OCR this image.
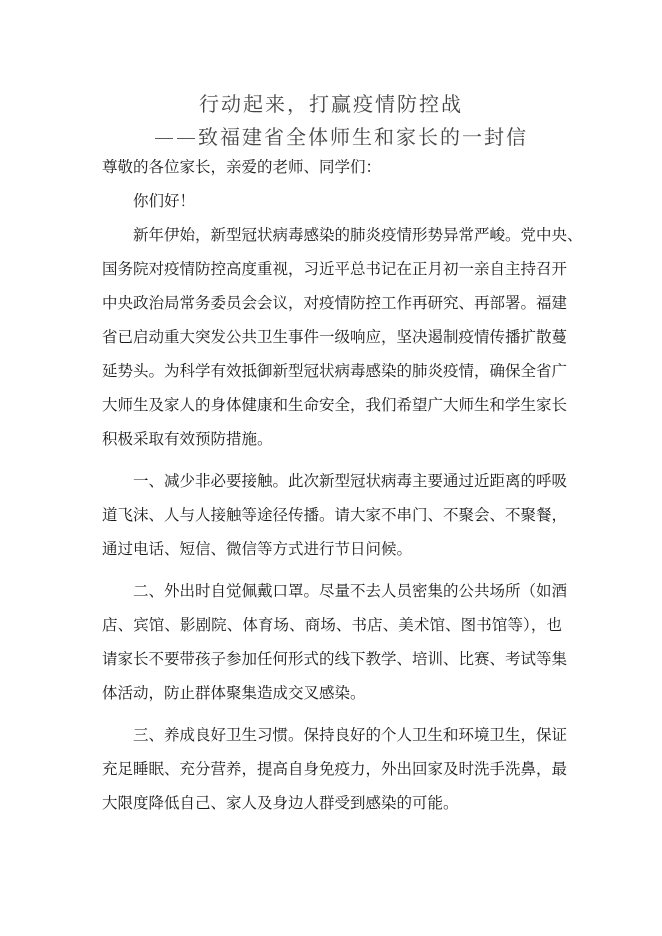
行动起来，打赢疫情防控战
——致福建省全体师生和家长的一封信
尊敬的各位家长，亲爱的老师、同学们：
你们好！
新年伊始，新型冠状病毒感染的肺炎疫情形势异常严峻。党中央、
国务院对疫情防控高度重视，习近平总书记在正月初一亲自主持召开
中央政治局常务委员会会议，对疫情防控工作再研究、再部署。福建
省已启动重大突发公共卫生事件一级响应，坚决遏制疫情传播扩散蔓
延势头。为科学有效抵御新型冠状病毒感染的肺炎疫情，确保全省广
大师生及家人的身体健康和生命安全，我们希望广大师生和学生家长
积极采取有效预防措施。
一、减少非必要接触。此次新型冠状病毒主要通过近距离的呼吸
道飞沫、人与人接触等途径传播。请大家不串门、不聚会、不聚餐，
通过电话、短信、微信等方式进行节日问候。
二、外出时自觉佩戴口罩。尽量不去人员密集的公共场所（如酒
店、宾馆、影剧院、体育场、商场、书店、美术馆、图书馆等），也
请家长不要带孩子参加任何形式的线下教学、培训、比赛、考试等集
体活动，防止群体聚集造成交叉感染。
三、养成良好卫生习惯。保持良好的个人卫生和环境卫生，保证
充足睡眠、充分营养，提高自身免疫力，外出回家及时洗手洗鼻，最
大限度降低自己、家人及身边人群受到感染的可能。
